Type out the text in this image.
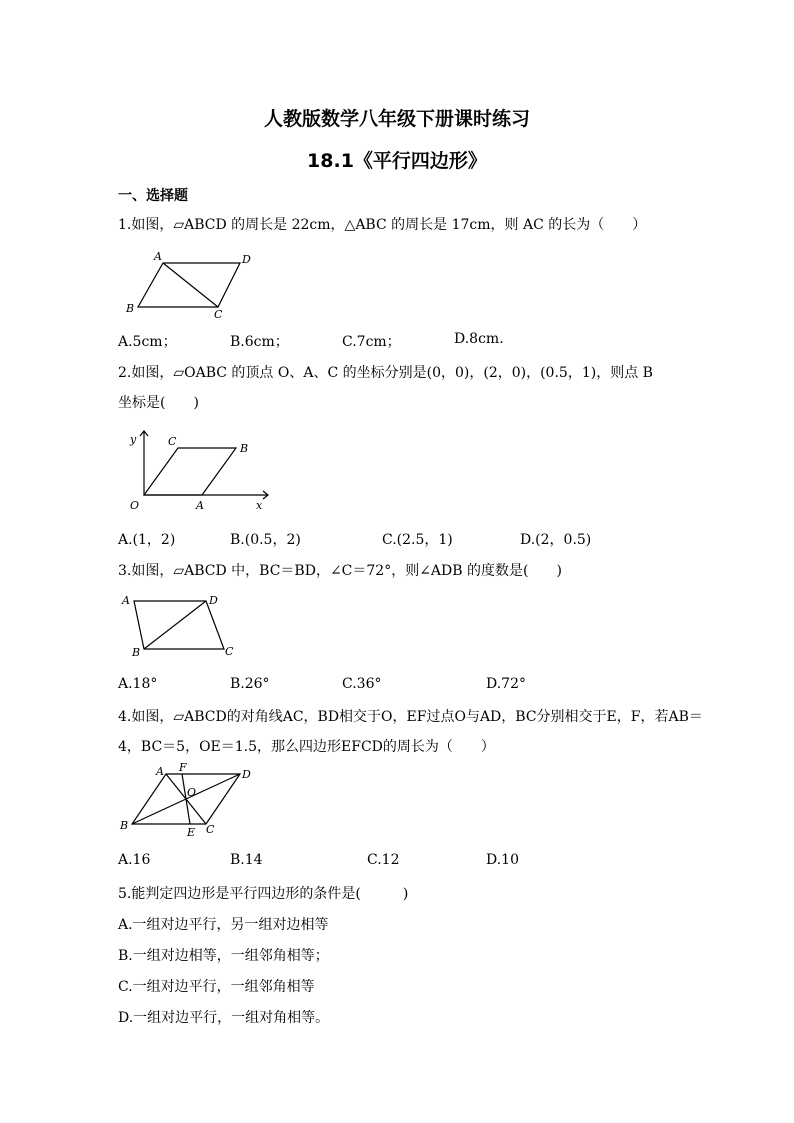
人教版数学八年级下册课时练习
18.1《平行四边形》
一、选择题
1.如图，▱ABCD 的周长是 22cm，△ABC 的周长是 17cm，则 AC 的长为（　　）
A	D
B	C
A.5cm；	B.6cm；	C.7cm；	D.8cm.
2.如图，▱OABC 的顶点 O、A、C 的坐标分别是(0，0)，(2，0)，(0.5，1)，则点 B
坐标是(　　)
O	A
B
C
x
y
A.(1，2)	B.(0.5，2)	C.(2.5，1)	D.(2，0.5)
3.如图，▱ABCD 中，BC＝BD，∠C＝72°，则∠ADB 的度数是(　　)
A	D
B	C
A.18°	B.26°	C.36°	D.72°
4.如图，▱ABCD的对角线AC，BD相交于O，EF过点O与AD，BC分别相交于E，F，若AB＝
4，BC＝5，OE＝1.5，那么四边形EFCD的周长为（　　）
A F
D
O
B
E C
A.16	B.14	C.12	D.10
5.能判定四边形是平行四边形的条件是(　　　)
A.一组对边平行，另一组对边相等
B.一组对边相等，一组邻角相等；
C.一组对边平行，一组邻角相等
D.一组对边平行，一组对角相等。
